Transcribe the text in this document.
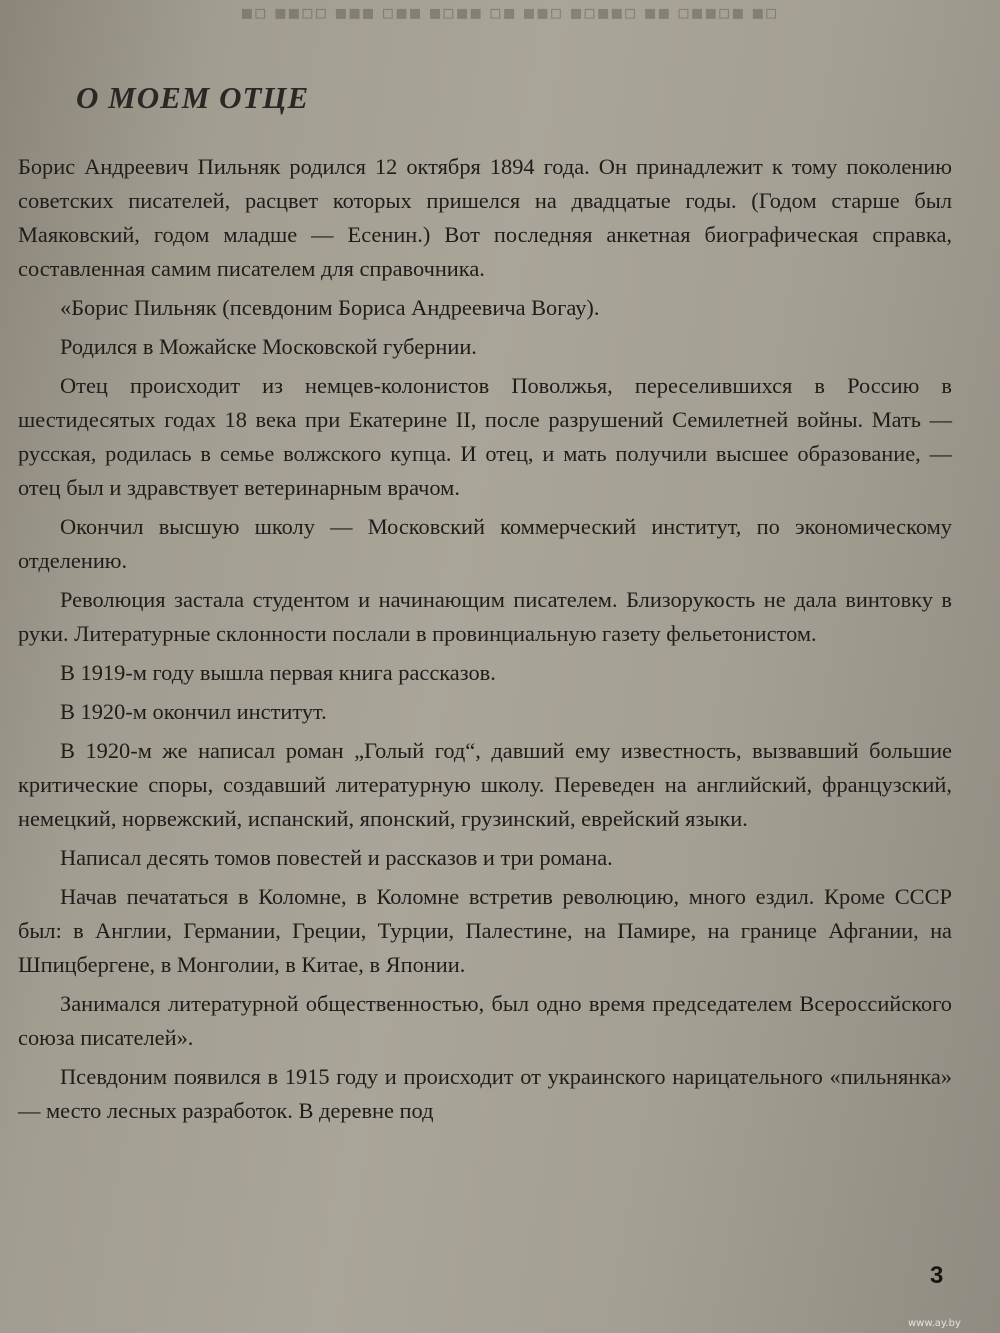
▪▫ ▪▪▫▫ ▪▪▪ ▫▪▪ ▪▫▪▪ ▫▪ ▪▪▫ ▪▫▪▪▫ ▪▪ ▫▪▪▫▪ ▪▫
О МОЕМ ОТЦЕ

Борис Андреевич Пильняк родился 12 октября 1894 года. Он принадлежит к тому поколению советских писателей, расцвет которых пришелся на двадцатые годы. (Годом старше был Маяковский, годом младше — Есенин.) Вот последняя анкетная биографическая справка, составленная самим писателем для справочника.

«Борис Пильняк (псевдоним Бориса Андреевича Вогау).

Родился в Можайске Московской губернии.

Отец происходит из немцев-колонистов Поволжья, переселившихся в Россию в шестидесятых годах 18 века при Екатерине II, после разрушений Семилетней войны. Мать — русская, родилась в семье волжского купца. И отец, и мать получили высшее образование, — отец был и здравствует ветеринарным врачом.

Окончил высшую школу — Московский коммерческий институт, по экономическому отделению.

Революция застала студентом и начинающим писателем. Близорукость не дала винтовку в руки. Литературные склонности послали в провинциальную газету фельетонистом.

В 1919-м году вышла первая книга рассказов.

В 1920-м окончил институт.

В 1920-м же написал роман „Голый год“, давший ему известность, вызвавший большие критические споры, создавший литературную школу. Переведен на английский, французский, немецкий, норвежский, испанский, японский, грузинский, еврейский языки.

Написал десять томов повестей и рассказов и три романа.

Начав печататься в Коломне, в Коломне встретив революцию, много ездил. Кроме СССР был: в Англии, Германии, Греции, Турции, Палестине, на Памире, на границе Афгании, на Шпицбергене, в Монголии, в Китае, в Японии.

Занимался литературной общественностью, был одно время председателем Всероссийского союза писателей».

Псевдоним появился в 1915 году и происходит от украинского нарицательного «пильнянка» — место лесных разработок. В деревне под

3
www.ay.by
